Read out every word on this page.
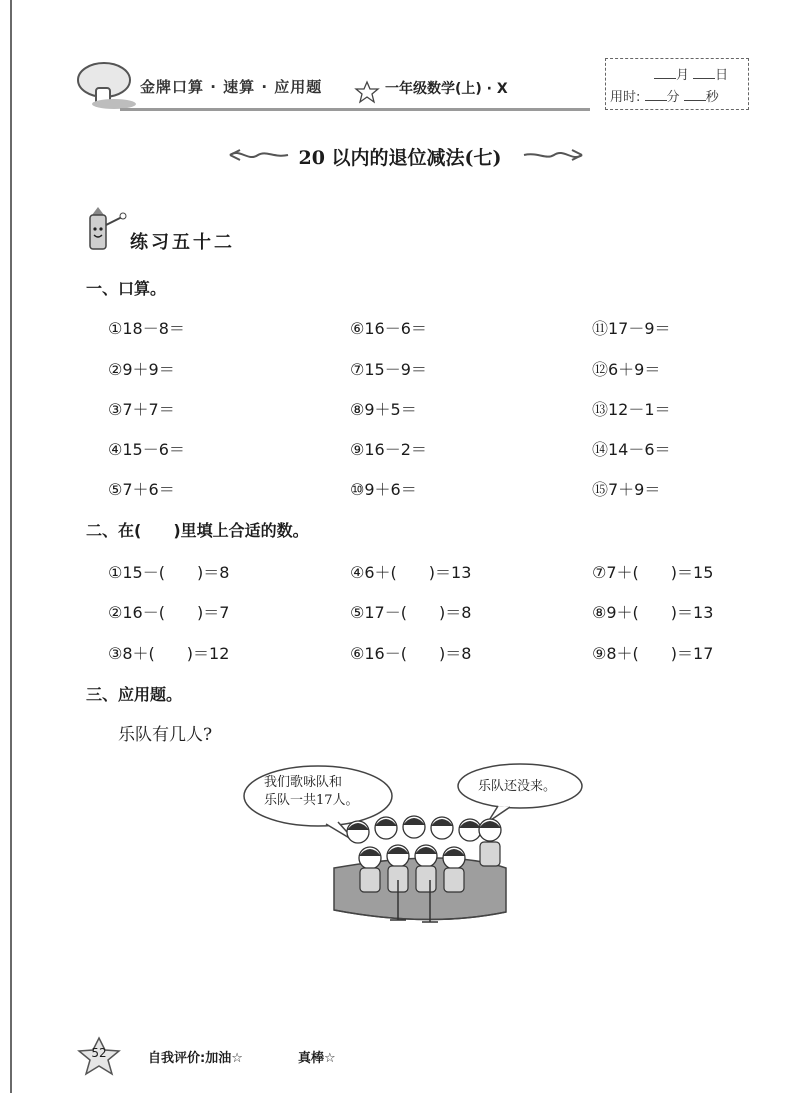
金牌口算 · 速算 · 应用题	一年级数学(上) · X
月 日
用时: 分 秒
20 以内的退位减法(七)
练习五十二
一、口算。
①18－8＝
②9＋9＝
③7＋7＝
④15－6＝
⑤7＋6＝
⑥16－6＝
⑦15－9＝
⑧9＋5＝
⑨16－2＝
⑩9＋6＝
⑪17－9＝
⑫6＋9＝
⑬12－1＝
⑭14－6＝
⑮7＋9＝
二、在(　　)里填上合适的数。
①15－(　　)＝8
②16－(　　)＝7
③8＋(　　)＝12
④6＋(　　)＝13
⑤17－(　　)＝8
⑥16－(　　)＝8
⑦7＋(　　)＝15
⑧9＋(　　)＝13
⑨8＋(　　)＝17
三、应用题。
乐队有几人?
我们歌咏队和
乐队一共17人。
乐队还没来。
52	自我评价:加油☆	真棒☆
